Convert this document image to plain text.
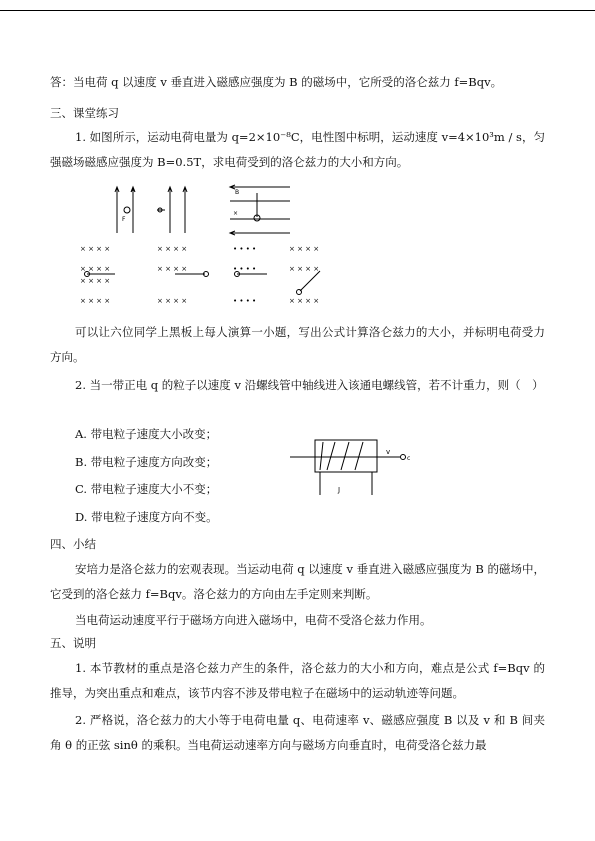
答：当电荷 q 以速度 v 垂直进入磁感应强度为 B 的磁场中，它所受的洛仑兹力 f=Bqv。
三、课堂练习
1. 如图所示，运动电荷电量为 q=2×10⁻⁸C，电性图中标明，运动速度 v=4×10³m / s，匀强磁场磁感应强度为 B=0.5T，求电荷受到的洛仑兹力的大小和方向。
A
F
B
×
× × × ×
× × × ×
× × × ×
× × × ×
× × × ×
× × × ×
× × × ×
• • • •
• • • •
• • • •
× × × ×
× × × ×
× × × ×
可以让六位同学上黑板上每人演算一小题，写出公式计算洛仑兹力的大小，并标明电荷受力方向。
2. 当一带正电 q 的粒子以速度 v 沿螺线管中轴线进入该通电螺线管，若不计重力，则（　）
A. 带电粒子速度大小改变；
B. 带电粒子速度方向改变；
C. 带电粒子速度大小不变；
D. 带电粒子速度方向不变。
v
c
J
四、小结
安培力是洛仑兹力的宏观表现。当运动电荷 q 以速度 v 垂直进入磁感应强度为 B 的磁场中，它受到的洛仑兹力 f=Bqv。洛仑兹力的方向由左手定则来判断。
当电荷运动速度平行于磁场方向进入磁场中，电荷不受洛仑兹力作用。
五、说明
1. 本节教材的重点是洛仑兹力产生的条件，洛仑兹力的大小和方向，难点是公式 f=Bqv 的推导，为突出重点和难点，该节内容不涉及带电粒子在磁场中的运动轨迹等问题。
2. 严格说，洛仑兹力的大小等于电荷电量 q、电荷速率 v、磁感应强度 B 以及 v 和 B 间夹角 θ 的正弦 sinθ 的乘积。当电荷运动速率方向与磁场方向垂直时，电荷受洛仑兹力最
